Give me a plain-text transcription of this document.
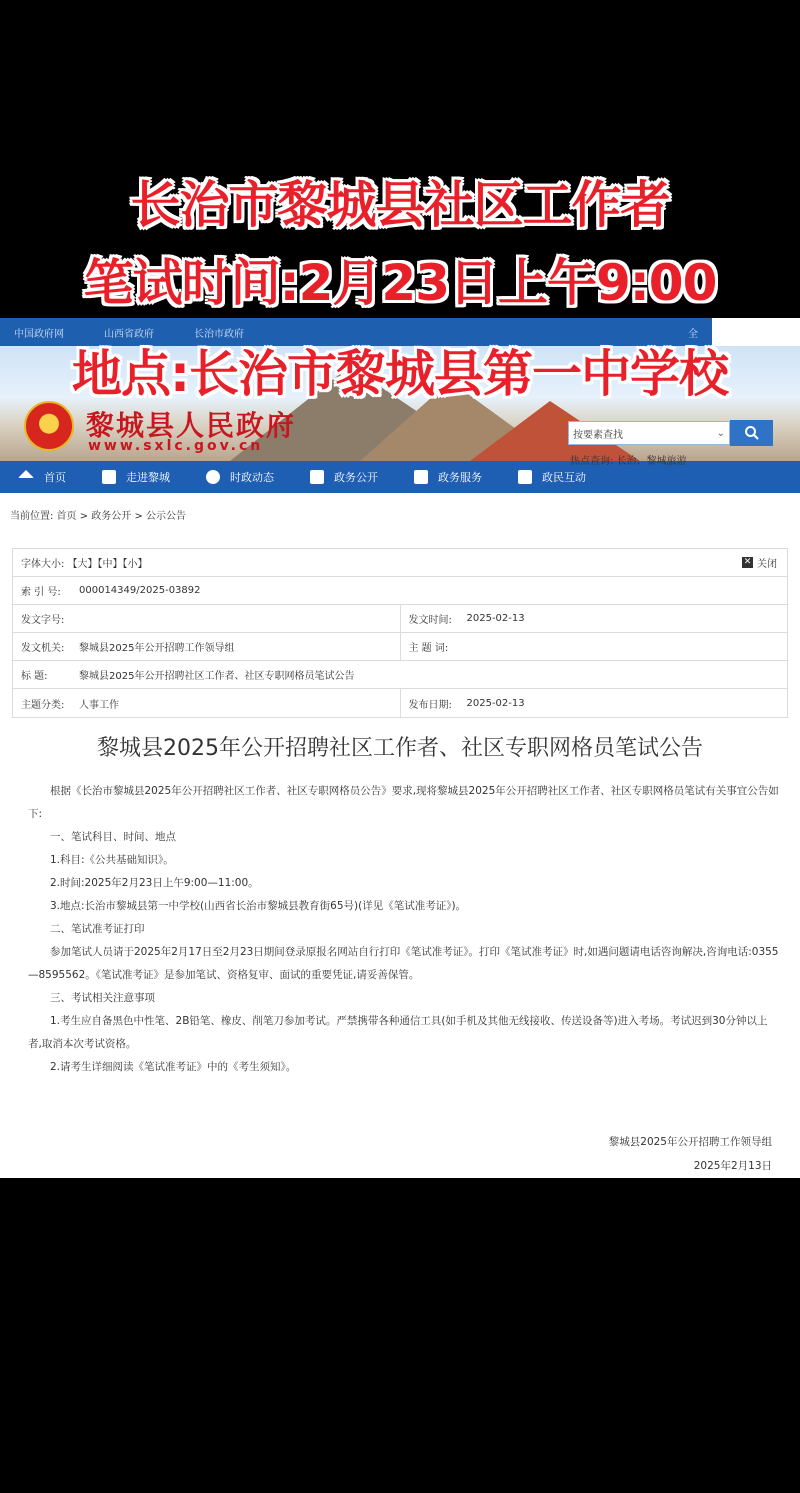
中国政府网	山西省政府	长治市政府	全
黎城县人民政府
www.sxlc.gov.cn
按要素查找	⌄
热点查询: 长治、黎城旅游
首页	走进黎城	时政动态	政务公开	政务服务	政民互动
当前位置: 首页 > 政务公开 > 公示公告
字体大小: 【大】【中】【小】	✕ 关闭
索 引 号:	000014349/2025-03892
发文字号:	发文时间:	2025-02-13
发文机关:	黎城县2025年公开招聘工作领导组	主 题 词:
标 题:	黎城县2025年公开招聘社区工作者、社区专职网格员笔试公告
主题分类:	人事工作	发布日期:	2025-02-13
黎城县2025年公开招聘社区工作者、社区专职网格员笔试公告

根据《长治市黎城县2025年公开招聘社区工作者、社区专职网格员公告》要求,现将黎城县2025年公开招聘社区工作者、社区专职网格员笔试有关事宜公告如下:

一、笔试科目、时间、地点

1.科目:《公共基础知识》。

2.时间:2025年2月23日上午9:00—11:00。

3.地点:长治市黎城县第一中学校(山西省长治市黎城县教育街65号)(详见《笔试准考证》)。

二、笔试准考证打印

参加笔试人员请于2025年2月17日至2月23日期间登录原报名网站自行打印《笔试准考证》。打印《笔试准考证》时,如遇问题请电话咨询解决,咨询电话:0355—8595562。《笔试准考证》是参加笔试、资格复审、面试的重要凭证,请妥善保管。

三、考试相关注意事项

1.考生应自备黑色中性笔、2B铅笔、橡皮、削笔刀参加考试。严禁携带各种通信工具(如手机及其他无线接收、传送设备等)进入考场。考试迟到30分钟以上者,取消本次考试资格。

2.请考生详细阅读《笔试准考证》中的《考生须知》。

黎城县2025年公开招聘工作领导组
2025年2月13日
长治市黎城县社区工作者
笔试时间:2月23日上午9:00
地点:长治市黎城县第一中学校
